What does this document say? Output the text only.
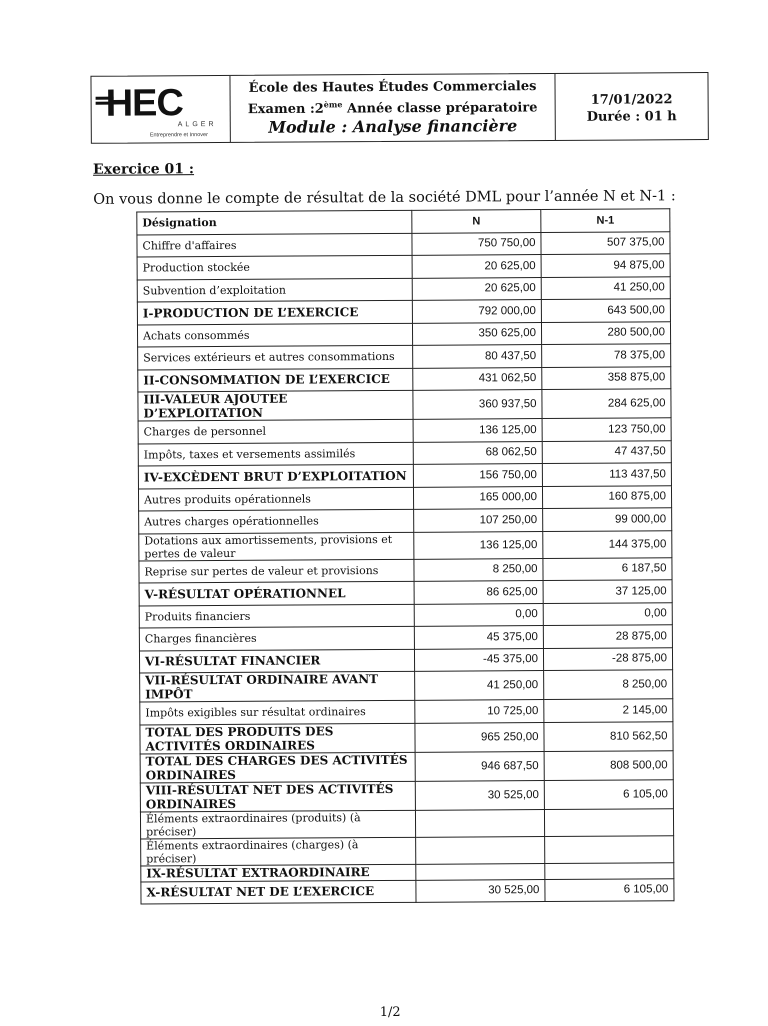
HEC
ALGER
Entreprendre et Innover
École des Hautes Études Commerciales
Examen :2ème Année classe préparatoire
Module : Analyse financière
17/01/2022
Durée : 01 h
Exercice 01 :
On vous donne le compte de résultat de la société DML pour l’année N et N-1 :
Désignation	N	N-1
Chiffre d'affaires	750 750,00	507 375,00
Production stockée	20 625,00	94 875,00
Subvention d’exploitation	20 625,00	41 250,00
I-PRODUCTION DE L’EXERCICE	792 000,00	643 500,00
Achats consommés	350 625,00	280 500,00
Services extérieurs et autres consommations	80 437,50	78 375,00
II-CONSOMMATION DE L’EXERCICE	431 062,50	358 875,00
III-VALEUR AJOUTEE D’EXPLOITATION	360 937,50	284 625,00
Charges de personnel	136 125,00	123 750,00
Impôts, taxes et versements assimilés	68 062,50	47 437,50
IV-EXCÈDENT BRUT D’EXPLOITATION	156 750,00	113 437,50
Autres produits opérationnels	165 000,00	160 875,00
Autres charges opérationnelles	107 250,00	99 000,00
Dotations aux amortissements, provisions et pertes de valeur	136 125,00	144 375,00
Reprise sur pertes de valeur et provisions	8 250,00	6 187,50
V-RÉSULTAT OPÉRATIONNEL	86 625,00	37 125,00
Produits financiers	0,00	0,00
Charges financières	45 375,00	28 875,00
VI-RÉSULTAT FINANCIER	-45 375,00	-28 875,00
VII-RÉSULTAT ORDINAIRE AVANT IMPÔT	41 250,00	8 250,00
Impôts exigibles sur résultat ordinaires	10 725,00	2 145,00
TOTAL DES PRODUITS DES ACTIVITÉS ORDINAIRES	965 250,00	810 562,50
TOTAL DES CHARGES DES ACTIVITÉS ORDINAIRES	946 687,50	808 500,00
VIII-RÉSULTAT NET DES ACTIVITÉS ORDINAIRES	30 525,00	6 105,00
Éléments extraordinaires (produits) (à préciser)		
Éléments extraordinaires (charges) (à préciser)		
IX-RÉSULTAT EXTRAORDINAIRE		
X-RÉSULTAT NET DE L’EXERCICE	30 525,00	6 105,00
1/2
